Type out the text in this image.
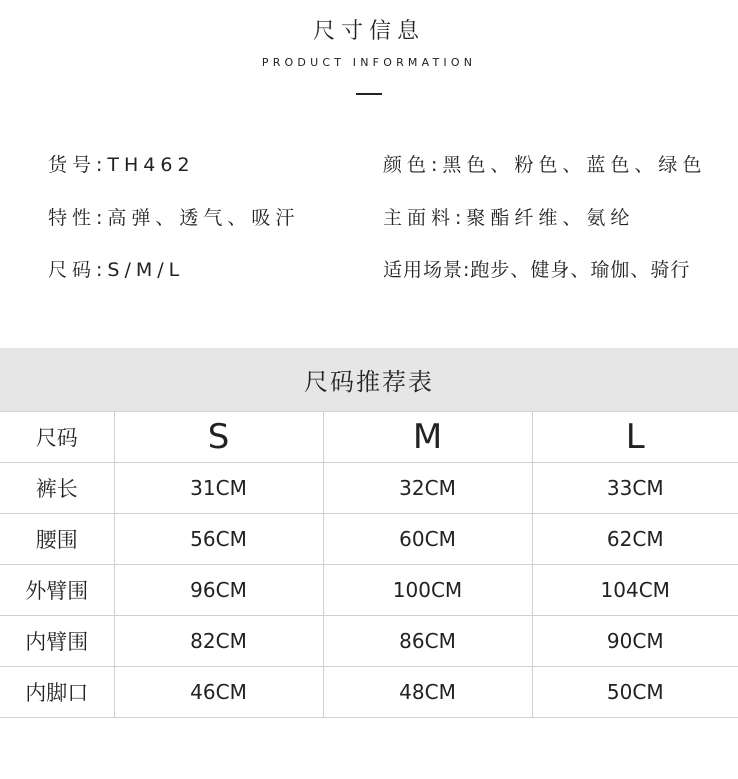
尺寸信息
PRODUCT INFORMATION
货号:TH462	颜色:黑色、粉色、蓝色、绿色
特性:高弹、透气、吸汗	主面料:聚酯纤维、氨纶
尺码:S/M/L	适用场景:跑步、健身、瑜伽、骑行
尺码推荐表
尺码	S	M	L
裤长	31CM	32CM	33CM
腰围	56CM	60CM	62CM
外臂围	96CM	100CM	104CM
内臂围	82CM	86CM	90CM
内脚口	46CM	48CM	50CM
